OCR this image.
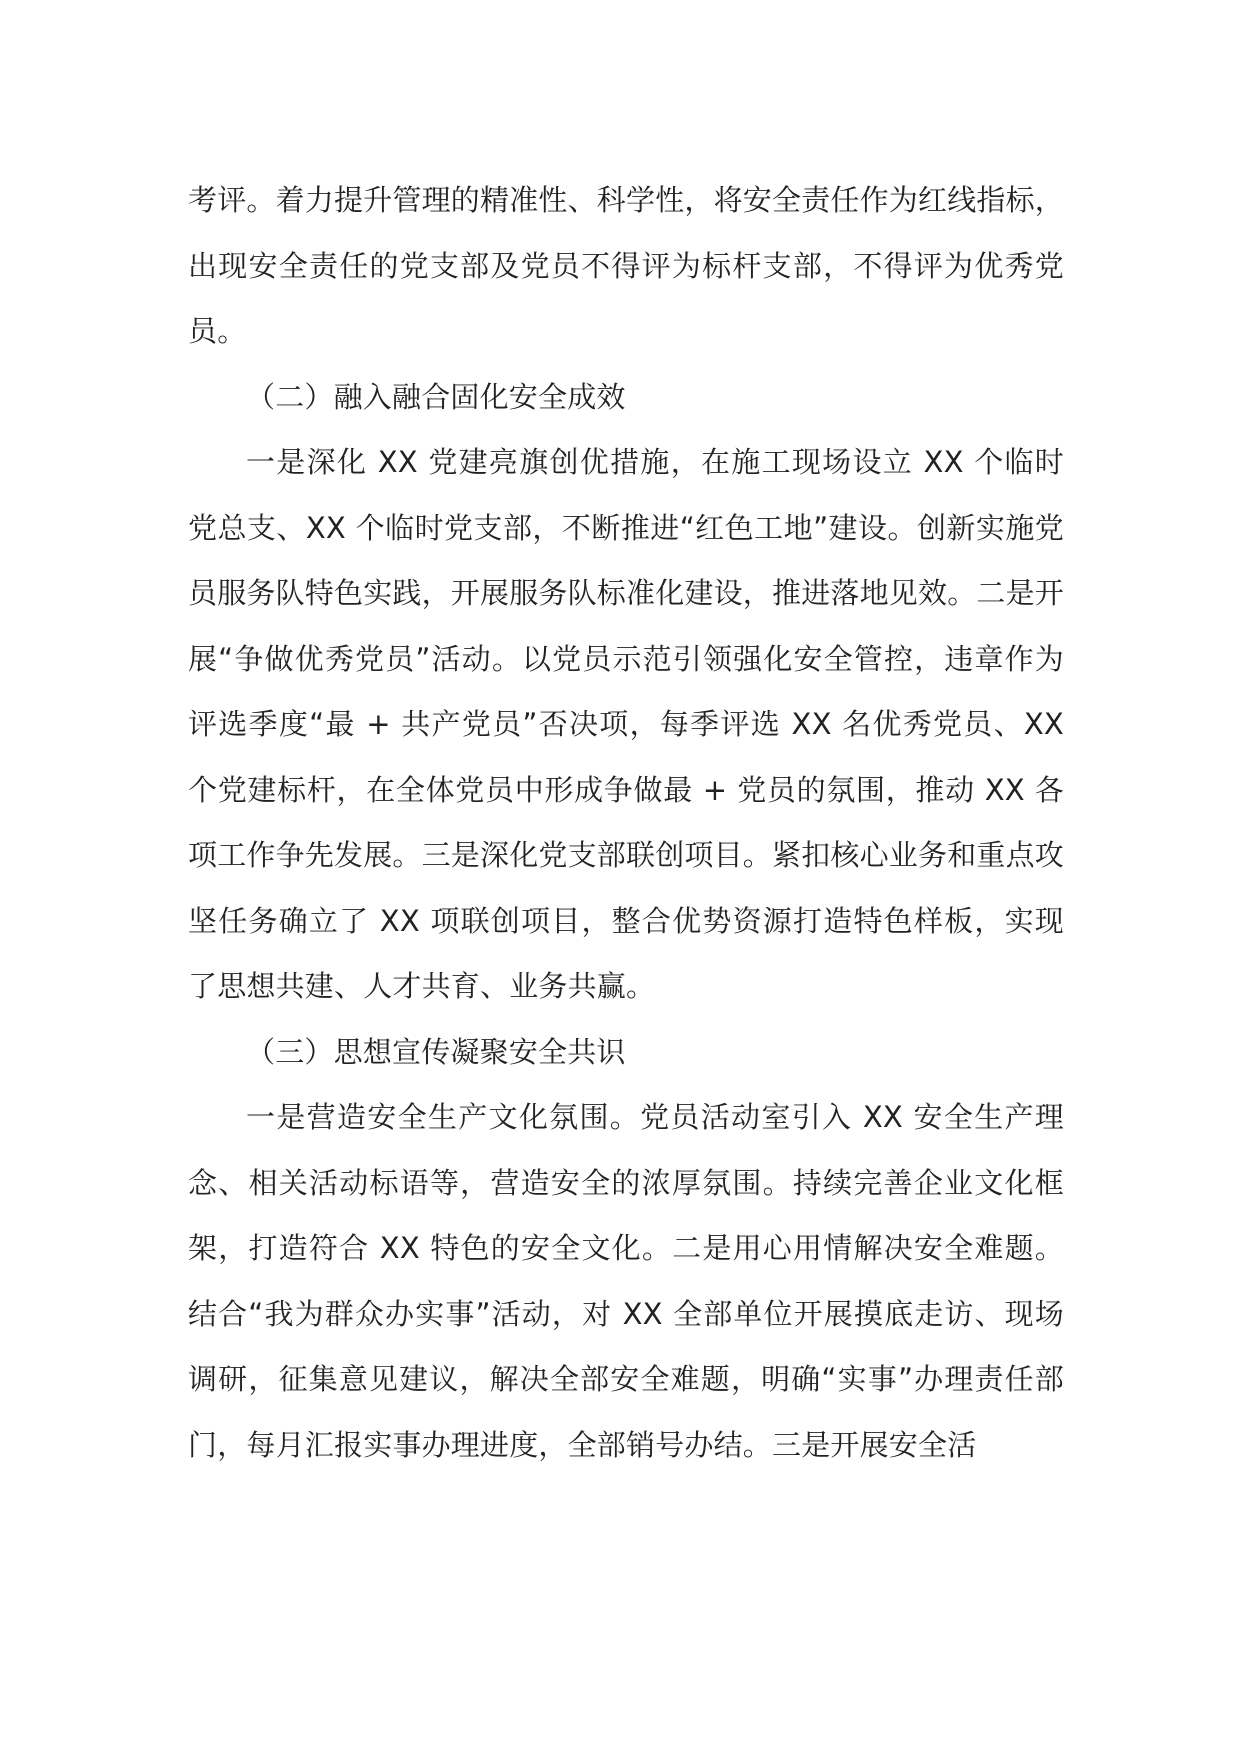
考评。着力提升管理的精准性、科学性，将安全责任作为红线指标，出现安全责任的党支部及党员不得评为标杆支部，不得评为优秀党员。

（二）融入融合固化安全成效

一是深化 XX 党建亮旗创优措施，在施工现场设立 XX 个临时党总支、XX 个临时党支部，不断推进“红色工地”建设。创新实施党员服务队特色实践，开展服务队标准化建设，推进落地见效。二是开展“争做优秀党员”活动。以党员示范引领强化安全管控，违章作为评选季度“最 + 共产党员”否决项，每季评选 XX 名优秀党员、XX 个党建标杆，在全体党员中形成争做最 + 党员的氛围，推动 XX 各项工作争先发展。三是深化党支部联创项目。紧扣核心业务和重点攻坚任务确立了 XX 项联创项目，整合优势资源打造特色样板，实现了思想共建、人才共育、业务共赢。

（三）思想宣传凝聚安全共识

一是营造安全生产文化氛围。党员活动室引入 XX 安全生产理念、相关活动标语等，营造安全的浓厚氛围。持续完善企业文化框架，打造符合 XX 特色的安全文化。二是用心用情解决安全难题。结合“我为群众办实事”活动，对 XX 全部单位开展摸底走访、现场调研，征集意见建议，解决全部安全难题，明确“实事”办理责任部门，每月汇报实事办理进度，全部销号办结。三是开展安全活
